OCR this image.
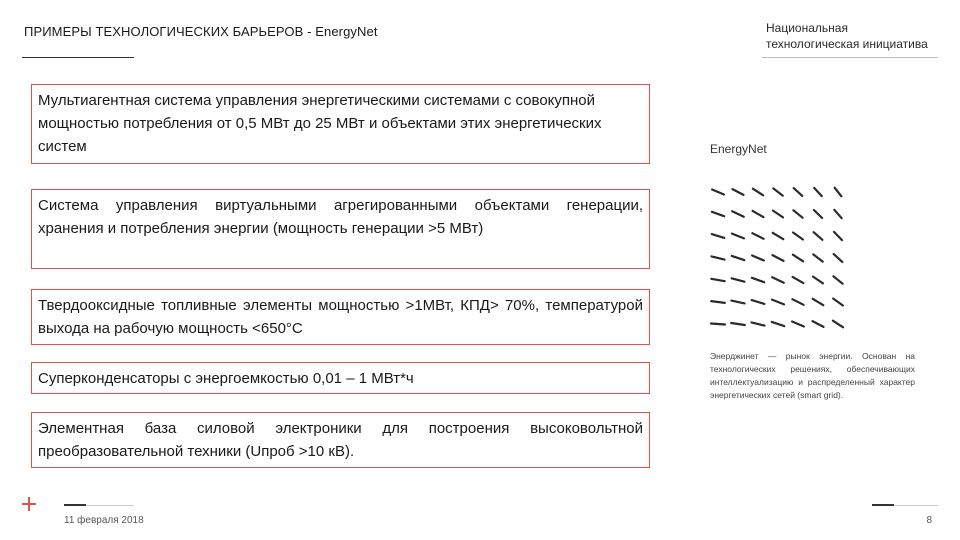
ПРИМЕРЫ ТЕХНОЛОГИЧЕСКИХ БАРЬЕРОВ - EnergyNet	Национальная
технологическая инициатива
Мультиагентная система управления энергетическими системами с совокупной мощностью потребления от 0,5 МВт до 25 МВт и объектами этих энергетических систем
Система управления виртуальными агрегированными объектами генерации, хранения и потребления энергии (мощность генерации >5 МВт)
Твердооксидные топливные элементы мощностью >1МВт, КПД> 70%, температурой выхода на рабочую мощность <650°С
Суперконденсаторы с энергоемкостью 0,01 – 1 МВт*ч
Элементная база силовой электроники для построения высоковольтной преобразовательной техники (Uпроб >10 кВ).
EnergyNet
Энерджинет — рынок энергии. Основан на технологических решениях, обеспечивающих интеллектуализацию и распределенный характер энергетических сетей (smart grid).
11 февраля 2018	8
